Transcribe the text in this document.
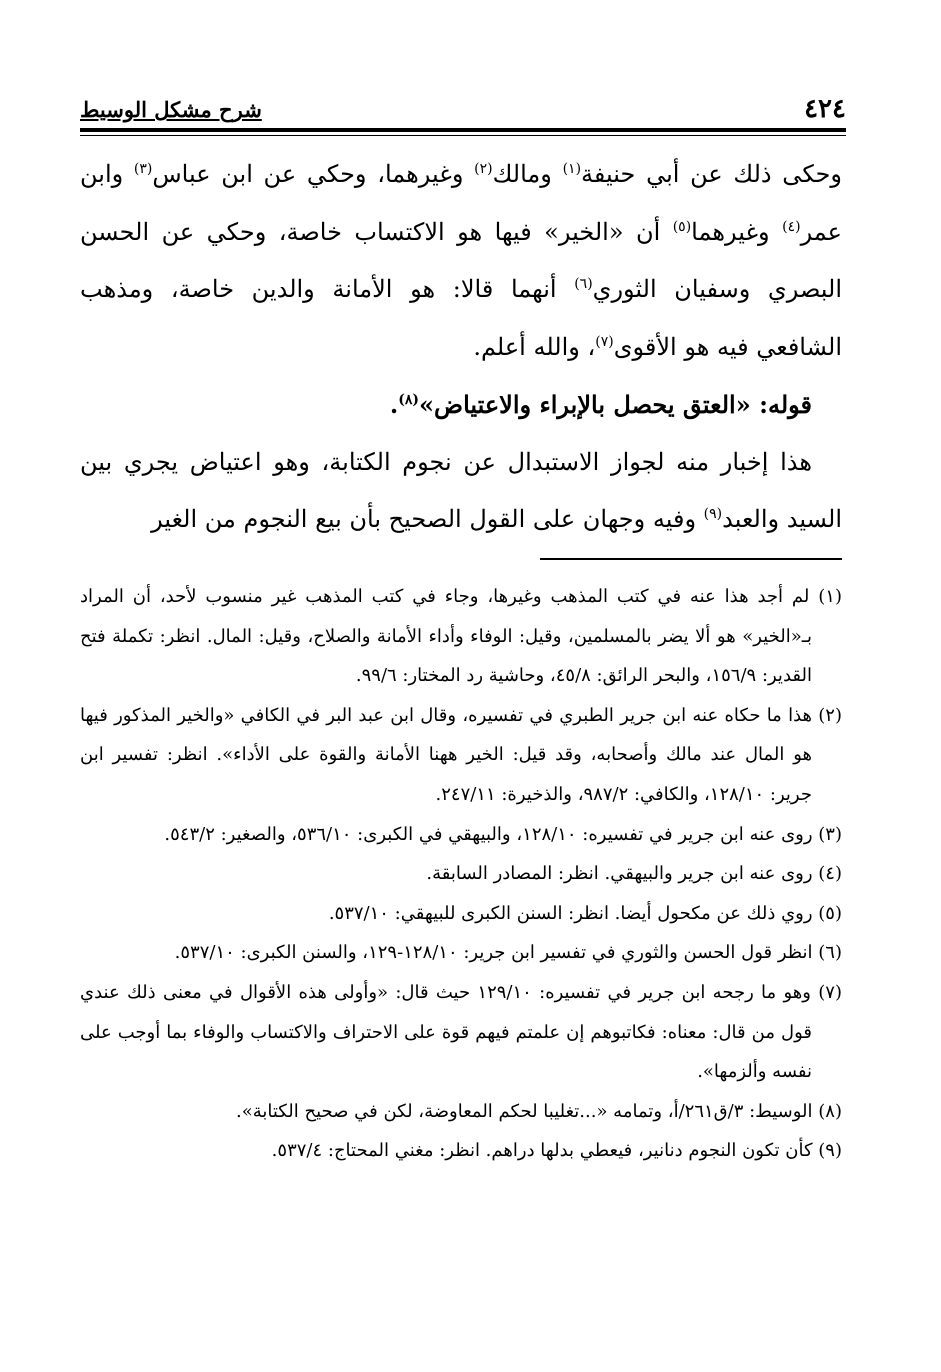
٤٢٤
شرح مشكل الوسيط

وحكى ذلك عن أبي حنيفة$^{(١)}$ ومالك$^{(٢)}$ وغيرهما، وحكي عن ابن عباس$^{(٣)}$ وابن عمر$^{(٤)}$ وغيرهما$^{(٥)}$ أن «الخير» فيها هو الاكتساب خاصة، وحكي عن الحسن البصري وسفيان الثوري$^{(٦)}$ أنهما قالا: هو الأمانة والدين خاصة، ومذهب الشافعي فيه هو الأقوى$^{(٧)}$، والله أعلم.

قوله: «العتق يحصل بالإبراء والاعتياض»$^{(٨)}$.

هذا إخبار منه لجواز الاستبدال عن نجوم الكتابة، وهو اعتياض يجري بين السيد والعبد$^{(٩)}$ وفيه وجهان على القول الصحيح بأن بيع النجوم من الغير

(١) لم أجد هذا عنه في كتب المذهب وغيرها، وجاء في كتب المذهب غير منسوب لأحد، أن المراد بـ«الخير» هو ألا يضر بالمسلمين، وقيل: الوفاء وأداء الأمانة والصلاح، وقيل: المال. انظر: تكملة فتح القدير: ١٥٦/٩، والبحر الرائق: ٤٥/٨، وحاشية رد المختار: ٩٩/٦.

(٢) هذا ما حكاه عنه ابن جرير الطبري في تفسيره، وقال ابن عبد البر في الكافي «والخير المذكور فيها هو المال عند مالك وأصحابه، وقد قيل: الخير ههنا الأمانة والقوة على الأداء». انظر: تفسير ابن جرير: ١٢٨/١٠، والكافي: ٩٨٧/٢، والذخيرة: ٢٤٧/١١.

(٣) روى عنه ابن جرير في تفسيره: ١٢٨/١٠، والبيهقي في الكبرى: ٥٣٦/١٠، والصغير: ٥٤٣/٢.

(٤) روى عنه ابن جرير والبيهقي. انظر: المصادر السابقة.

(٥) روي ذلك عن مكحول أيضا. انظر: السنن الكبرى للبيهقي: ٥٣٧/١٠.

(٦) انظر قول الحسن والثوري في تفسير ابن جرير: ١٢٨/١٠-١٢٩، والسنن الكبرى: ٥٣٧/١٠.

(٧) وهو ما رجحه ابن جرير في تفسيره: ١٢٩/١٠ حيث قال: «وأولى هذه الأقوال في معنى ذلك عندي قول من قال: معناه: فكاتبوهم إن علمتم فيهم قوة على الاحتراف والاكتساب والوفاء بما أوجب على نفسه وألزمها».

(٨) الوسيط: ٣/ق٢٦١/أ، وتمامه «...تغليبا لحكم المعاوضة، لكن في صحيح الكتابة».

(٩) كأن تكون النجوم دنانير، فيعطي بدلها دراهم. انظر: مغني المحتاج: ٥٣٧/٤.
